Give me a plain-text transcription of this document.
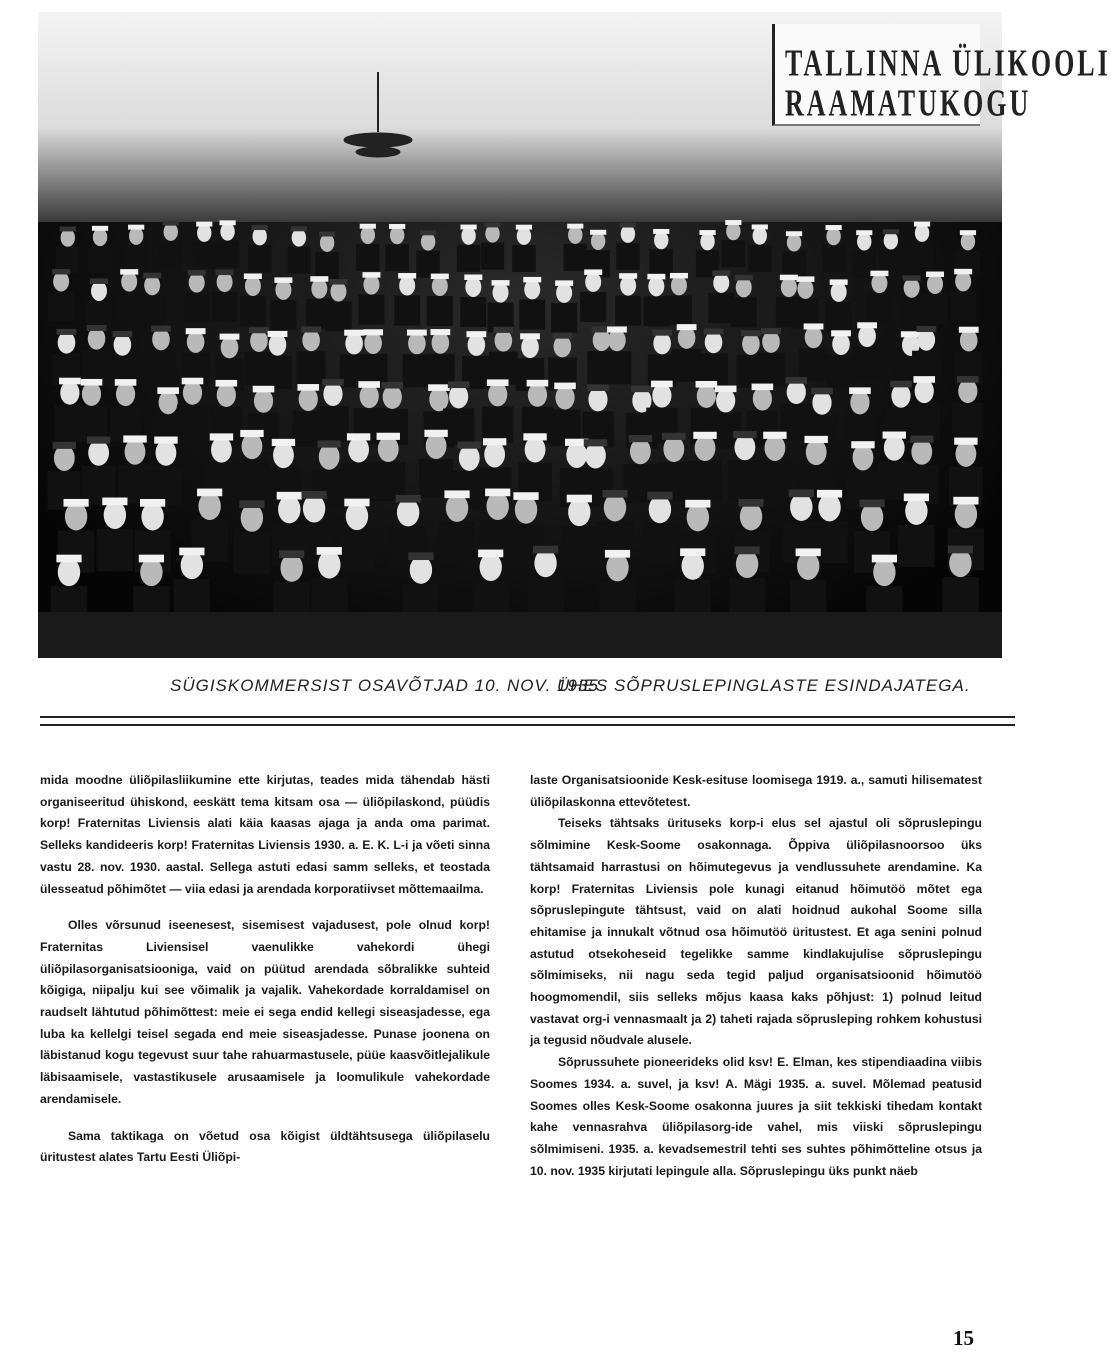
TALLINNA ÜLIKOOLI
RAAMATUKOGU
SÜGISKOMMERSIST OSAVÕTJAD 10. NOV. 1935
ÜHES SÕPRUSLEPINGLASTE ESINDAJATEGA.

mida moodne üliõpilasliikumine ette kirjutas, teades mida tähendab hästi organiseeritud ühiskond, eeskätt tema kitsam osa — üliõpilaskond, püüdis korp! Fraternitas Liviensis alati käia kaasas ajaga ja anda oma parimat. Selleks kandideeris korp! Fraternitas Liviensis 1930. a. E. K. L-i ja võeti sinna vastu 28. nov. 1930. aastal. Sellega astuti edasi samm selleks, et teostada ülesseatud põhimõtet — viia edasi ja arendada korporatiivset mõttemaailma.

Olles võrsunud iseenesest, sisemisest vajadusest, pole olnud korp! Fraternitas Liviensisel vaenulikke vahekordi ühegi üliõpilasorganisatsiooniga, vaid on püütud arendada sõbralikke suhteid kõigiga, niipalju kui see võimalik ja vajalik. Vahekordade korraldamisel on raudselt lähtutud põhimõttest: meie ei sega endid kellegi siseasjadesse, ega luba ka kellelgi teisel segada end meie siseasjadesse. Punase joonena on läbistanud kogu tegevust suur tahe rahuarmastusele, püüe kaasvõitlejalikule läbisaamisele, vastastikusele arusaamisele ja loomulikule vahekordade arendamisele.

Sama taktikaga on võetud osa kõigist üldtähtsusega üliõpilaselu üritustest alates Tartu Eesti Üliõpi-

laste Organisatsioonide Kesk-esituse loomisega 1919. a., samuti hilisematest üliõpilaskonna ettevõtetest.

Teiseks tähtsaks ürituseks korp-i elus sel ajastul oli sõpruslepingu sõlmimine Kesk-Soome osakonnaga. Õppiva üliõpilasnoorsoo üks tähtsamaid harrastusi on hõimutegevus ja vendlussuhete arendamine. Ka korp! Fraternitas Liviensis pole kunagi eitanud hõimutöö mõtet ega sõpruslepingute tähtsust, vaid on alati hoidnud aukohal Soome silla ehitamise ja innukalt võtnud osa hõimutöö üritustest. Et aga senini polnud astutud otsekoheseid tegelikke samme kindlakujulise sõpruslepingu sõlmimiseks, nii nagu seda tegid paljud organisatsioonid hõimutöö hoogmomendil, siis selleks mõjus kaasa kaks põhjust: 1) polnud leitud vastavat org-i vennasmaalt ja 2) taheti rajada sõprusleping rohkem kohustusi ja tegusid nõudvale alusele.

Sõprussuhete pioneerideks olid ksv! E. Elman, kes stipendiaadina viibis Soomes 1934. a. suvel, ja ksv! A. Mägi 1935. a. suvel. Mõlemad peatusid Soomes olles Kesk-Soome osakonna juures ja siit tekkiski tihedam kontakt kahe vennasrahva üliõpilasorg-ide vahel, mis viiski sõpruslepingu sõlmimiseni. 1935. a. kevadsemestril tehti ses suhtes põhimõtteline otsus ja 10. nov. 1935 kirjutati lepingule alla. Sõpruslepingu üks punkt näeb

15
